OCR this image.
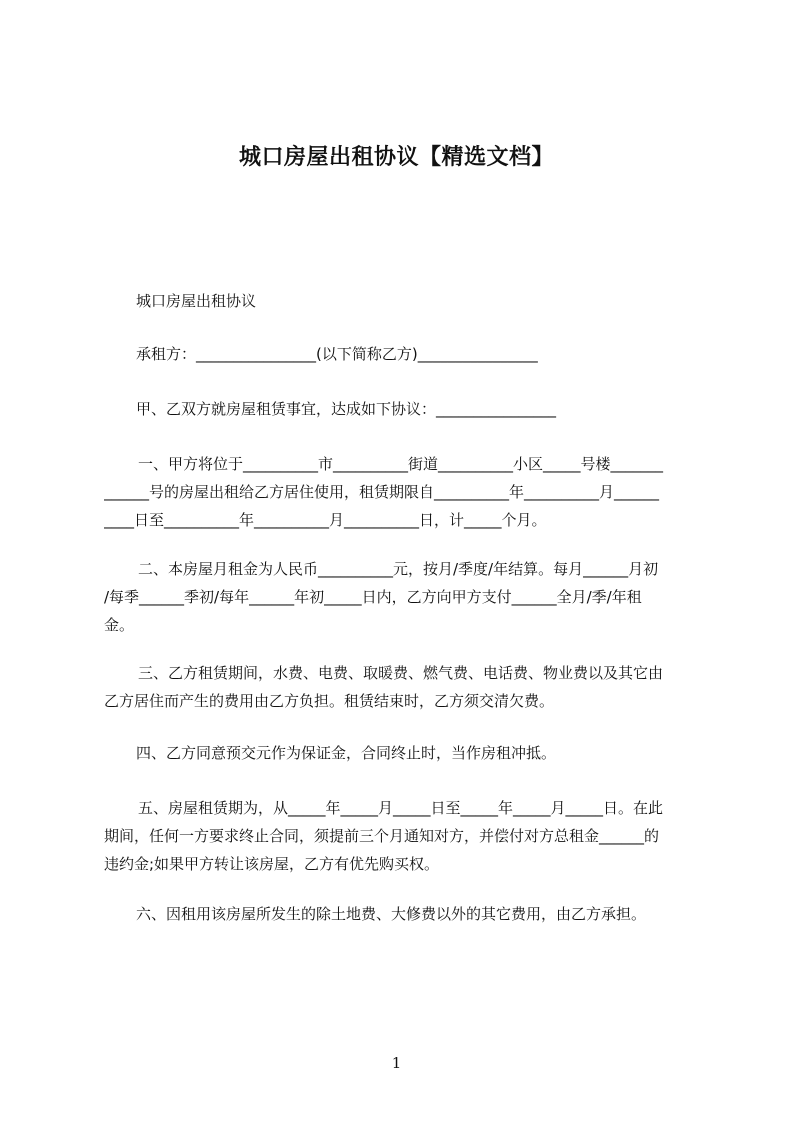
城口房屋出租协议【精选文档】

城口房屋出租协议

承租方：________________(以下简称乙方)________________

甲、乙双方就房屋租赁事宜，达成如下协议：________________

一、甲方将位于__________市__________街道__________小区_____号楼_______
______号的房屋出租给乙方居住使用，租赁期限自__________年__________月______
____日至__________年__________月__________日，计_____个月。
二、本房屋月租金为人民币__________元，按月/季度/年结算。每月______月初
/每季______季初/每年______年初_____日内，乙方向甲方支付______全月/季/年租
金。
三、乙方租赁期间，水费、电费、取暖费、燃气费、电话费、物业费以及其它由
乙方居住而产生的费用由乙方负担。租赁结束时，乙方须交清欠费。
四、乙方同意预交元作为保证金，合同终止时，当作房租冲抵。
五、房屋租赁期为，从_____年_____月_____日至_____年_____月_____日。在此
期间，任何一方要求终止合同，须提前三个月通知对方，并偿付对方总租金______的
违约金;如果甲方转让该房屋，乙方有优先购买权。
六、因租用该房屋所发生的除土地费、大修费以外的其它费用，由乙方承担。
1
